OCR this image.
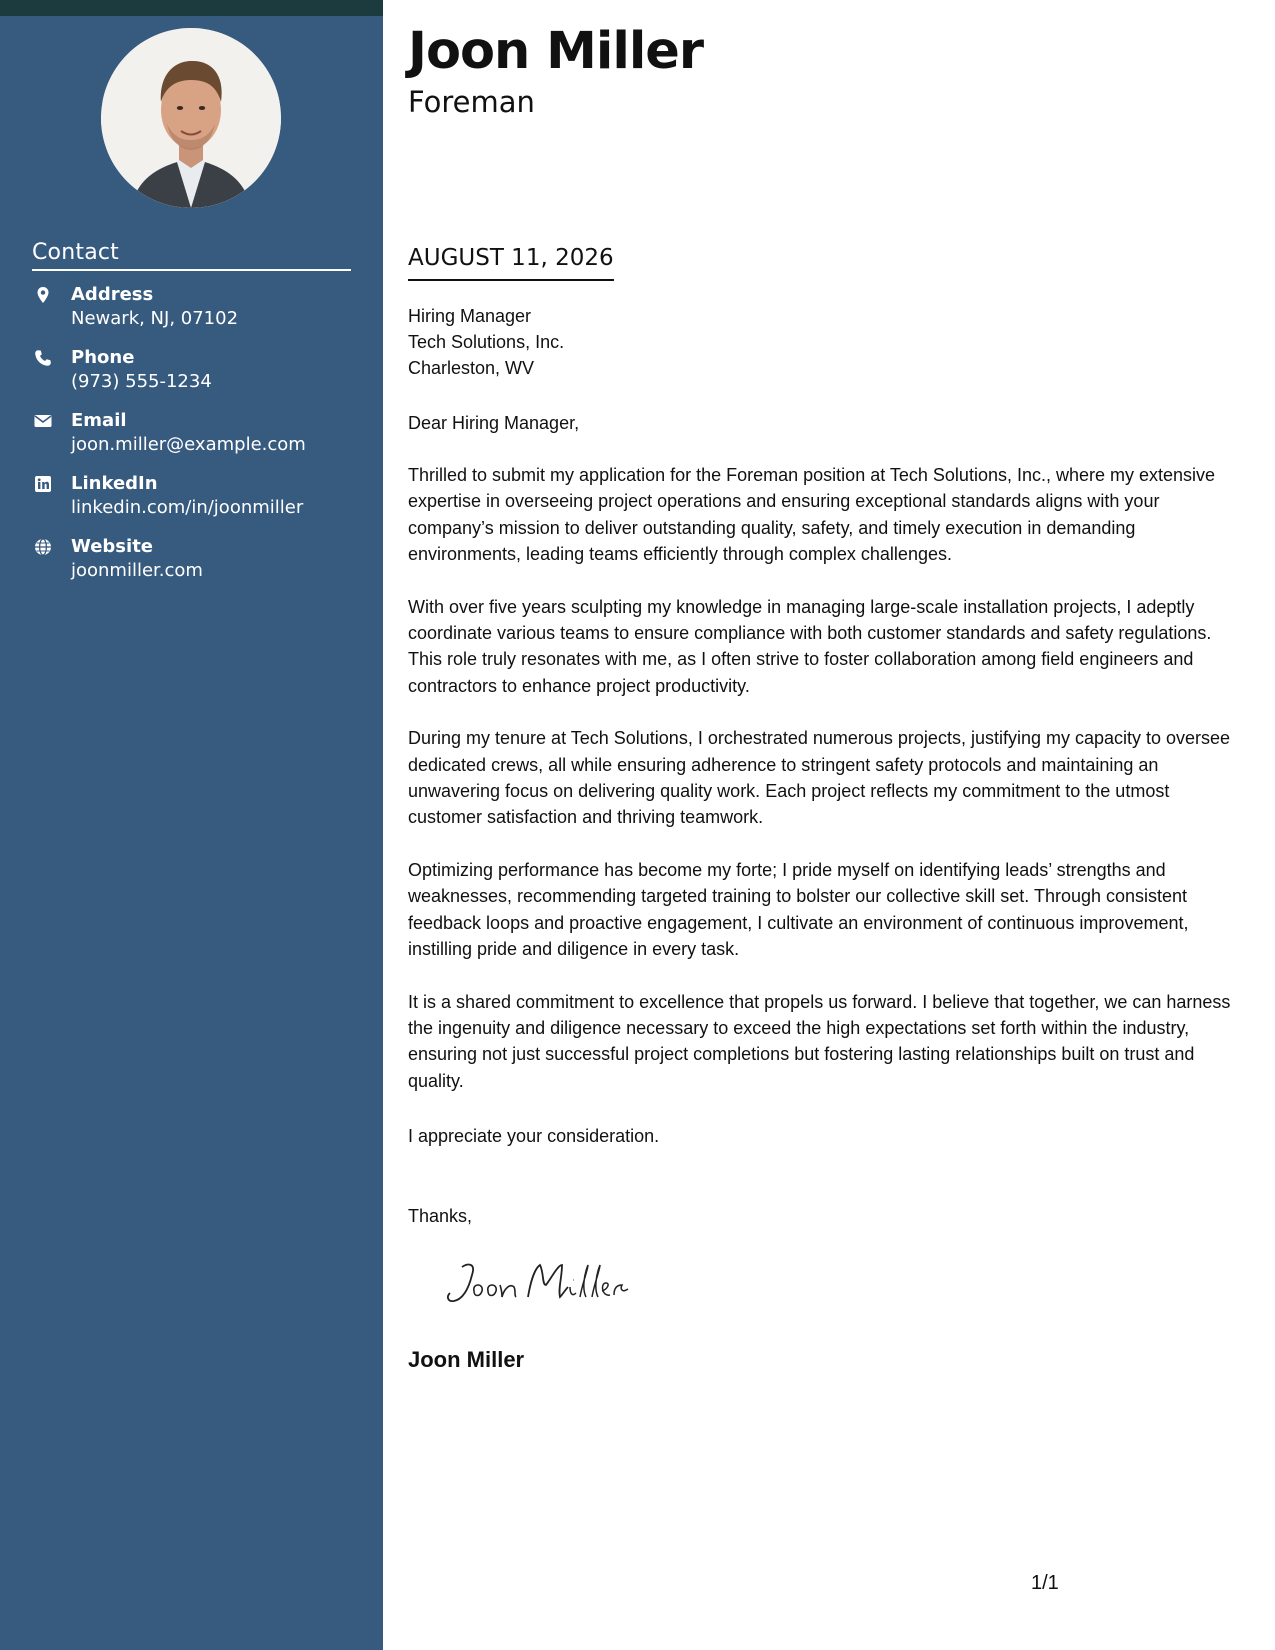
Contact
Address
Newark, NJ, 07102
Phone
(973) 555-1234
Email
joon.miller@example.com
LinkedIn
linkedin.com/in/joonmiller
Website
joonmiller.com
Joon Miller
Foreman
AUGUST 11, 2026
Hiring Manager
Tech Solutions, Inc.
Charleston, WV
Dear Hiring Manager,

Thrilled to submit my application for the Foreman position at Tech Solutions, Inc., where my extensive expertise in overseeing project operations and ensuring exceptional standards aligns with your company’s mission to deliver outstanding quality, safety, and timely execution in demanding environments, leading teams efficiently through complex challenges.

With over five years sculpting my knowledge in managing large-scale installation projects, I adeptly coordinate various teams to ensure compliance with both customer standards and safety regulations. This role truly resonates with me, as I often strive to foster collaboration among field engineers and contractors to enhance project productivity.

During my tenure at Tech Solutions, I orchestrated numerous projects, justifying my capacity to oversee dedicated crews, all while ensuring adherence to stringent safety protocols and maintaining an unwavering focus on delivering quality work. Each project reflects my commitment to the utmost customer satisfaction and thriving teamwork.

Optimizing performance has become my forte; I pride myself on identifying leads’ strengths and weaknesses, recommending targeted training to bolster our collective skill set. Through consistent feedback loops and proactive engagement, I cultivate an environment of continuous improvement, instilling pride and diligence in every task.

It is a shared commitment to excellence that propels us forward. I believe that together, we can harness the ingenuity and diligence necessary to exceed the high expectations set forth within the industry, ensuring not just successful project completions but fostering lasting relationships built on trust and quality.

I appreciate your consideration.
Thanks,
Joon Miller
1/1
